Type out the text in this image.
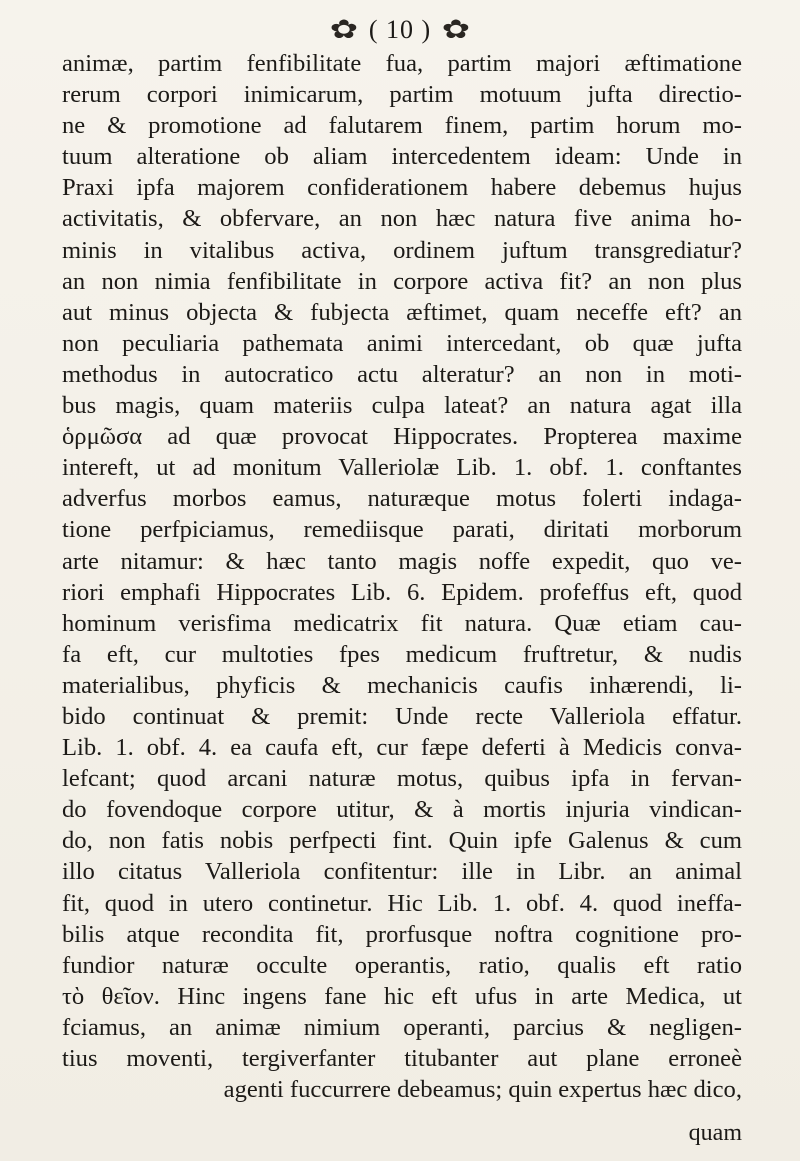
✿ ( 10 ) ✿
animæ, partim fenfibilitate fua, partim majori æftimatione
rerum corpori inimicarum, partim motuum jufta directio-
ne & promotione ad falutarem finem, partim horum mo-
tuum alteratione ob aliam intercedentem ideam: Unde in
Praxi ipfa majorem confiderationem habere debemus hujus
activitatis, & obfervare, an non hæc natura five anima ho-
minis in vitalibus activa, ordinem juftum transgrediatur?
an non nimia fenfibilitate in corpore activa fit? an non plus
aut minus objecta & fubjecta æftimet, quam neceffe eft? an
non peculiaria pathemata animi intercedant, ob quæ jufta
methodus in autocratico actu alteratur? an non in moti-
bus magis, quam materiis culpa lateat? an natura agat illa
ὁρμῶσα ad quæ provocat Hippocrates. Propterea maxime
intereft, ut ad monitum Valleriolæ Lib. 1. obf. 1. conftantes
adverfus morbos eamus, naturæque motus folerti indaga-
tione perfpiciamus, remediisque parati, diritati morborum
arte nitamur: & hæc tanto magis noffe expedit, quo ve-
riori emphafi Hippocrates Lib. 6. Epidem. profeffus eft, quod
hominum verisfima medicatrix fit natura. Quæ etiam cau-
fa eft, cur multoties fpes medicum fruftretur, & nudis
materialibus, phyficis & mechanicis caufis inhærendi, li-
bido continuat & premit: Unde recte Valleriola effatur.
Lib. 1. obf. 4. ea caufa eft, cur fæpe deferti à Medicis conva-
lefcant; quod arcani naturæ motus, quibus ipfa in fervan-
do fovendoque corpore utitur, & à mortis injuria vindican-
do, non fatis nobis perfpecti fint. Quin ipfe Galenus & cum
illo citatus Valleriola confitentur: ille in Libr. an animal
fit, quod in utero continetur. Hic Lib. 1. obf. 4. quod ineffa-
bilis atque recondita fit, prorfusque noftra cognitione pro-
fundior naturæ occulte operantis, ratio, qualis eft ratio
τὸ θεῖον. Hinc ingens fane hic eft ufus in arte Medica, ut
fciamus, an animæ nimium operanti, parcius & negligen-
tius moventi, tergiverfanter titubanter aut plane erroneè
agenti fuccurrere debeamus; quin expertus hæc dico,
quam
